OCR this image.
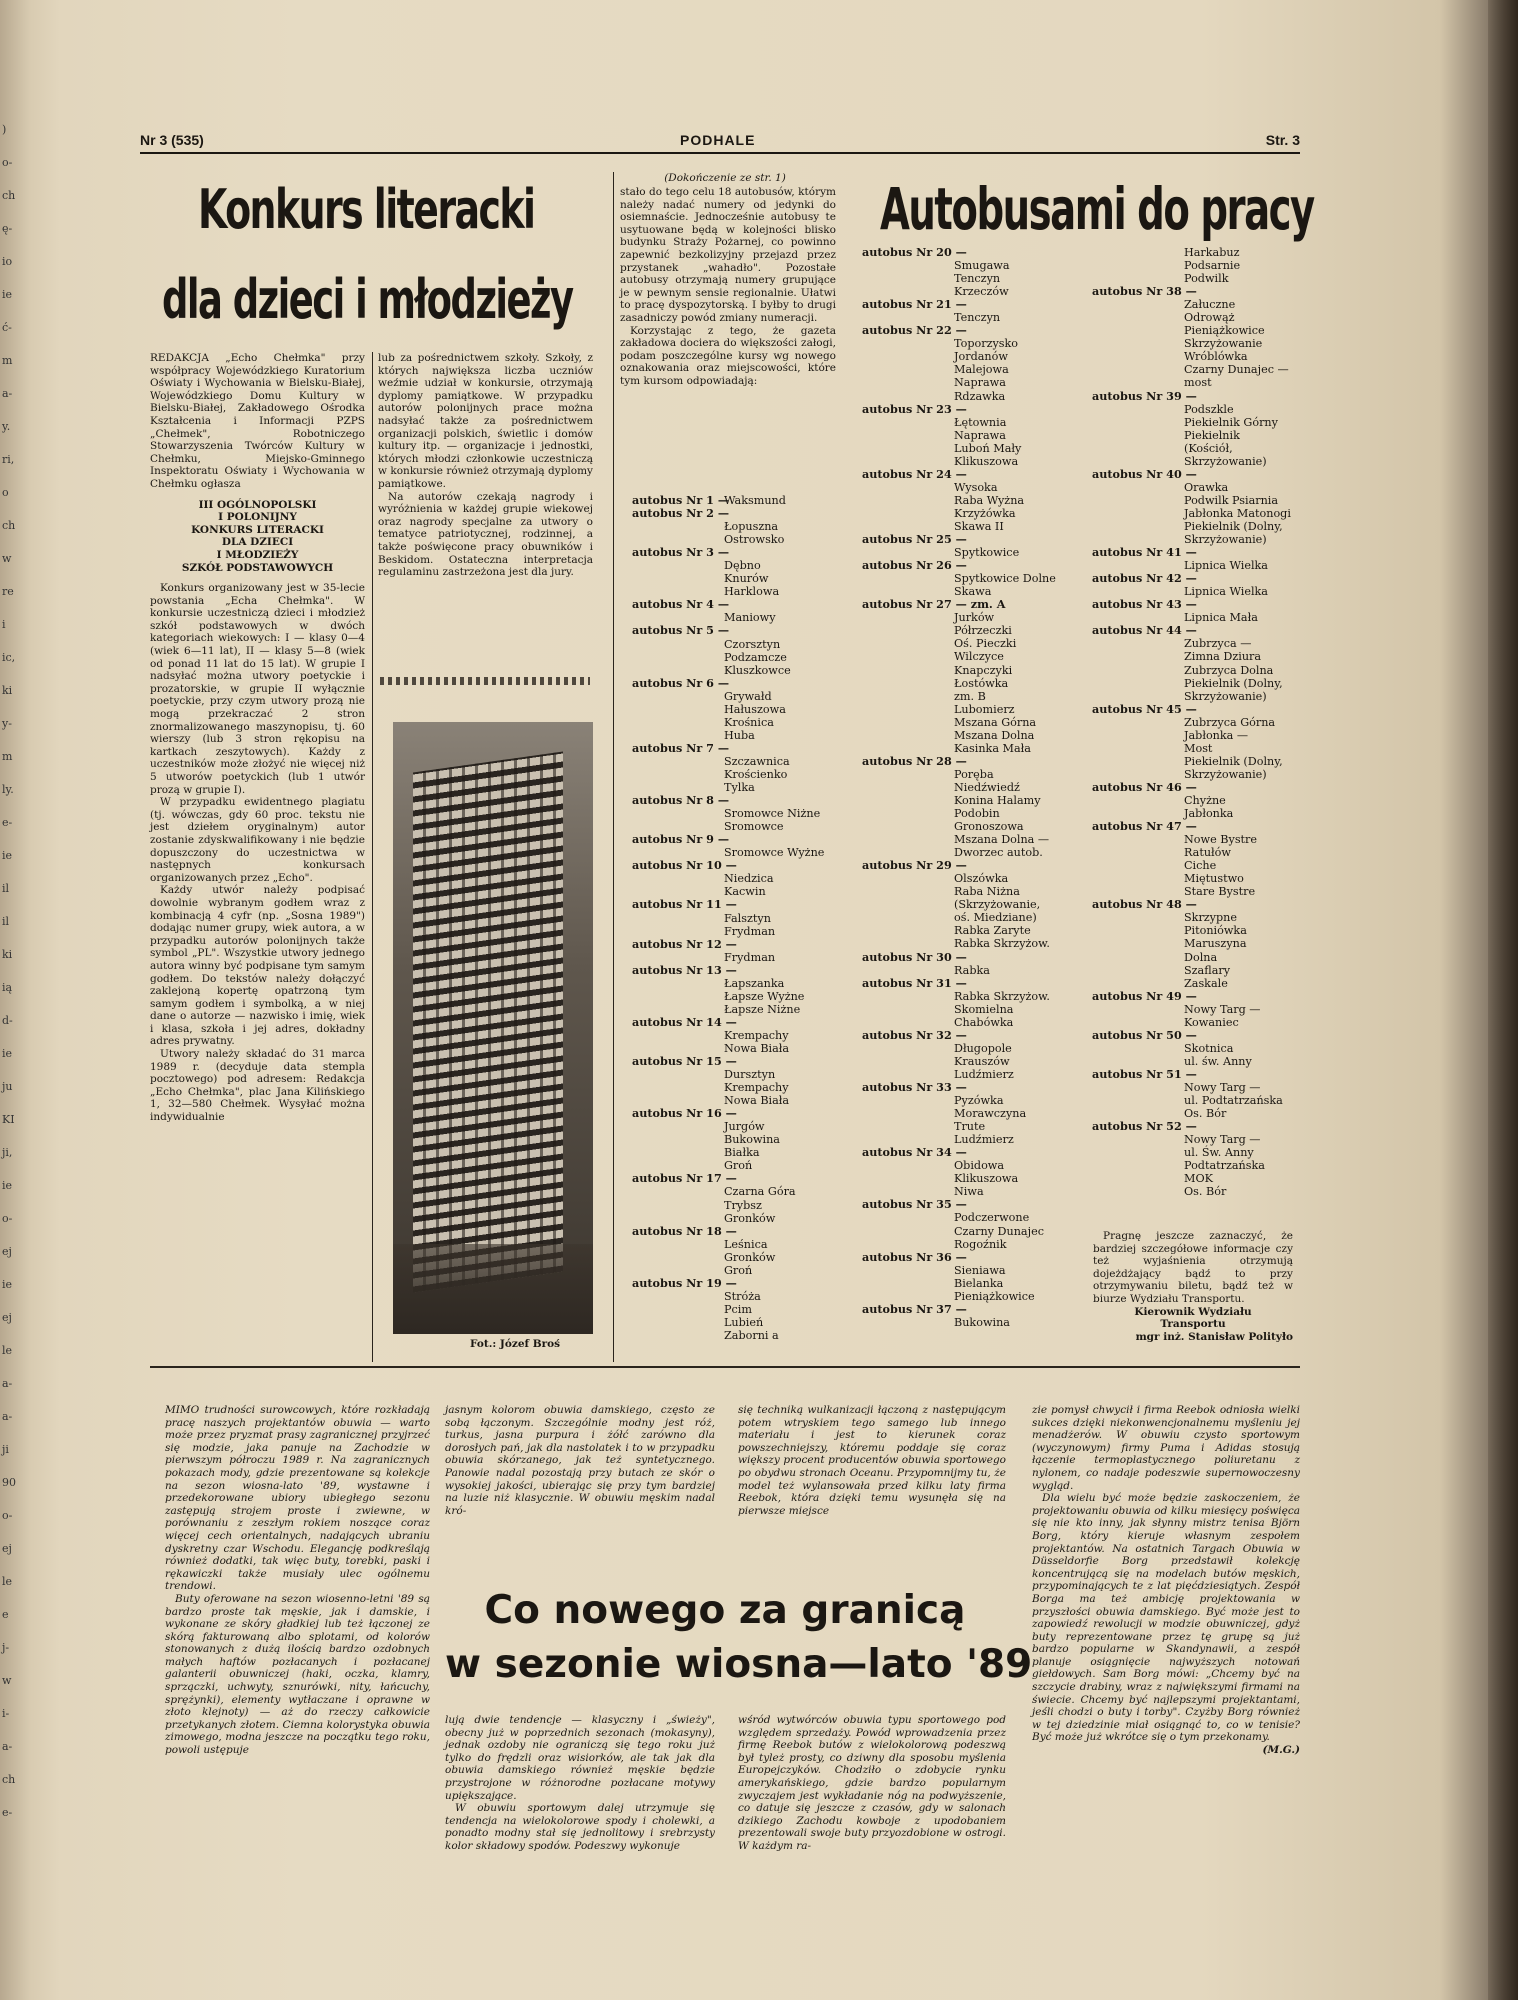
)
o-
ch
ę-
io
ie
ć-
m
a-
y.
ri,
o
ch
w
re
i
ic,
ki
y-
m
ly.
e-
ie
il
il
ki
ią
d-
ie
ju
KI
ji,
ie
o-
ej
ie
ej
le
a-
a-
ji
90
o-
ej
le
e
j-
w
i-
a-
ch
e-
Nr 3 (535)	PODHALE	Str. 3
Konkurs literacki
dla dzieci i młodzieży

REDAKCJA „Echo Chełmka" przy współpracy Wojewódzkiego Kuratorium Oświaty i Wychowania w Bielsku-Białej, Wojewódzkiego Domu Kultury w Bielsku-Białej, Zakładowego Ośrodka Kształcenia i Informacji PZPS „Chełmek", Robotniczego Stowarzyszenia Twórców Kultury w Chełmku, Miejsko-Gminnego Inspektoratu Oświaty i Wychowania w Chełmku ogłasza

III OGÓLNOPOLSKI
I POLONIJNY
KONKURS LITERACKI
DLA DZIECI
I MŁODZIEŻY
SZKÓŁ PODSTAWOWYCH

Konkurs organizowany jest w 35-lecie powstania „Echa Chełmka". W konkursie uczestniczą dzieci i młodzież szkół podstawowych w dwóch kategoriach wiekowych: I — klasy 0—4 (wiek 6—11 lat), II — klasy 5—8 (wiek od ponad 11 lat do 15 lat). W grupie I nadsyłać można utwory poetyckie i prozatorskie, w grupie II wyłącznie poetyckie, przy czym utwory prozą nie mogą przekraczać 2 stron znormalizowanego maszynopisu, tj. 60 wierszy (lub 3 stron rękopisu na kartkach zeszytowych). Każdy z uczestników może złożyć nie więcej niż 5 utworów poetyckich (lub 1 utwór prozą w grupie I).

W przypadku ewidentnego plagiatu (tj. wówczas, gdy 60 proc. tekstu nie jest dziełem oryginalnym) autor zostanie zdyskwalifikowany i nie będzie dopuszczony do uczestnictwa w następnych konkursach organizowanych przez „Echo".

Każdy utwór należy podpisać dowolnie wybranym godłem wraz z kombinacją 4 cyfr (np. „Sosna 1989") dodając numer grupy, wiek autora, a w przypadku autorów polonijnych także symbol „PL". Wszystkie utwory jednego autora winny być podpisane tym samym godłem. Do tekstów należy dołączyć zaklejoną kopertę opatrzoną tym samym godłem i symbolką, a w niej dane o autorze — nazwisko i imię, wiek i klasa, szkoła i jej adres, dokładny adres prywatny.

Utwory należy składać do 31 marca 1989 r. (decyduje data stempla pocztowego) pod adresem: Redakcja „Echo Chełmka", plac Jana Kilińskiego 1, 32—580 Chełmek. Wysyłać można indywidualnie

lub za pośrednictwem szkoły. Szkoły, z których największa liczba uczniów weźmie udział w konkursie, otrzymają dyplomy pamiątkowe. W przypadku autorów polonijnych prace można nadsyłać także za pośrednictwem organizacji polskich, świetlic i domów kultury itp. — organizacje i jednostki, których młodzi członkowie uczestniczą w konkursie również otrzymają dyplomy pamiątkowe.

Na autorów czekają nagrody i wyróżnienia w każdej grupie wiekowej oraz nagrody specjalne za utwory o tematyce patriotycznej, rodzinnej, a także poświęcone pracy obuwników i Beskidom. Ostateczna interpretacja regulaminu zastrzeżona jest dla jury.

Fot.: Józef Broś
(Dokończenie ze str. 1)

stało do tego celu 18 autobusów, którym należy nadać numery od jedynki do osiemnaście. Jednocześnie autobusy te usytuowane będą w kolejności blisko budynku Straży Pożarnej, co powinno zapewnić bezkolizyjny przejazd przez przystanek „wahadło". Pozostałe autobusy otrzymają numery grupujące je w pewnym sensie regionalnie. Ułatwi to pracę dyspozytorską. I byłby to drugi zasadniczy powód zmiany numeracji.

Korzystając z tego, że gazeta zakładowa dociera do większości załogi, podam poszczególne kursy wg nowego oznakowania oraz miejscowości, które tym kursom odpowiadają:

Autobusami do pracy
autobus Nr 1 —
Waksmund
autobus Nr 2 —
Łopuszna
Ostrowsko
autobus Nr 3 —
Dębno
Knurów
Harklowa
autobus Nr 4 —
Maniowy
autobus Nr 5 —
Czorsztyn
Podzamcze
Kluszkowce
autobus Nr 6 —
Grywałd
Hałuszowa
Krośnica
Huba
autobus Nr 7 —
Szczawnica
Krościenko
Tylka
autobus Nr 8 —
Sromowce Niżne
Sromowce
autobus Nr 9 —
Sromowce Wyżne
autobus Nr 10 —
Niedzica
Kacwin
autobus Nr 11 —
Falsztyn
Frydman
autobus Nr 12 —
Frydman
autobus Nr 13 —
Łapszanka
Łapsze Wyżne
Łapsze Niżne
autobus Nr 14 —
Krempachy
Nowa Biała
autobus Nr 15 —
Dursztyn
Krempachy
Nowa Biała
autobus Nr 16 —
Jurgów
Bukowina
Białka
Groń
autobus Nr 17 —
Czarna Góra
Trybsz
Gronków
autobus Nr 18 —
Leśnica
Gronków
Groń
autobus Nr 19 —
Stróża
Pcim
Lubień
Zaborni a
autobus Nr 20 —
Smugawa
Tenczyn
Krzeczów
autobus Nr 21 —
Tenczyn
autobus Nr 22 —
Toporzysko
Jordanów
Malejowa
Naprawa
Rdzawka
autobus Nr 23 —
Łętownia
Naprawa
Luboń Mały
Klikuszowa
autobus Nr 24 —
Wysoka
Raba Wyżna
Krzyżówka
Skawa II
autobus Nr 25 —
Spytkowice
autobus Nr 26 —
Spytkowice Dolne
Skawa
autobus Nr 27 — zm. A
Jurków
Półrzeczki
Oś. Pieczki
Wilczyce
Knapczyki
Łostówka
zm. B
Lubomierz
Mszana Górna
Mszana Dolna
Kasinka Mała
autobus Nr 28 —
Poręba
Niedźwiedź
Konina Halamy
Podobin
Gronoszowa
Mszana Dolna —
Dworzec autob.
autobus Nr 29 —
Olszówka
Raba Niżna
(Skrzyżowanie,
oś. Miedziane)
Rabka Zaryte
Rabka Skrzyżow.
autobus Nr 30 —
Rabka
autobus Nr 31 —
Rabka Skrzyżow.
Skomielna
Chabówka
autobus Nr 32 —
Długopole
Krauszów
Ludźmierz
autobus Nr 33 —
Pyzówka
Morawczyna
Trute
Ludźmierz
autobus Nr 34 —
Obidowa
Klikuszowa
Niwa
autobus Nr 35 —
Podczerwone
Czarny Dunajec
Rogoźnik
autobus Nr 36 —
Sieniawa
Bielanka
Pieniążkowice
autobus Nr 37 —
Bukowina
Harkabuz
Podsarnie
Podwilk
autobus Nr 38 —
Załuczne
Odrowąż
Pieniążkowice
Skrzyżowanie
Wróblówka
Czarny Dunajec —
most
autobus Nr 39 —
Podszkle
Piekielnik Górny
Piekielnik
(Kościół,
Skrzyżowanie)
autobus Nr 40 —
Orawka
Podwilk Psiarnia
Jabłonka Matonogi
Piekielnik (Dolny,
Skrzyżowanie)
autobus Nr 41 —
Lipnica Wielka
autobus Nr 42 —
Lipnica Wielka
autobus Nr 43 —
Lipnica Mała
autobus Nr 44 —
Zubrzyca —
Zimna Dziura
Zubrzyca Dolna
Piekielnik (Dolny,
Skrzyżowanie)
autobus Nr 45 —
Zubrzyca Górna
Jabłonka —
Most
Piekielnik (Dolny,
Skrzyżowanie)
autobus Nr 46 —
Chyżne
Jabłonka
autobus Nr 47 —
Nowe Bystre
Ratułów
Ciche
Miętustwo
Stare Bystre
autobus Nr 48 —
Skrzypne
Pitoniówka
Maruszyna
Dolna
Szaflary
Zaskale
autobus Nr 49 —
Nowy Targ —
Kowaniec
autobus Nr 50 —
Skotnica
ul. św. Anny
autobus Nr 51 —
Nowy Targ —
ul. Podtatrzańska
Os. Bór
autobus Nr 52 —
Nowy Targ —
ul. Św. Anny
Podtatrzańska
MOK
Os. Bór

Pragnę jeszcze zaznaczyć, że bardziej szczegółowe informacje czy też wyjaśnienia otrzymują dojeżdżający bądź to przy otrzymywaniu biletu, bądź też w biurze Wydziału Transportu.

Kierownik Wydziału
Transportu
mgr inż. Stanisław Polityło

MIMO trudności surowcowych, które rozkładają pracę naszych projektantów obuwia — warto może przez pryzmat prasy zagranicznej przyjrzeć się modzie, jaka panuje na Zachodzie w pierwszym półroczu 1989 r. Na zagranicznych pokazach mody, gdzie prezentowane są kolekcje na sezon wiosna-lato '89, wystawne i przedekorowane ubiory ubiegłego sezonu zastępują strojem proste i zwiewne, w porównaniu z zeszłym rokiem noszące coraz więcej cech orientalnych, nadających ubraniu dyskretny czar Wschodu. Elegancję podkreślają również dodatki, tak więc buty, torebki, paski i rękawiczki także musiały ulec ogólnemu trendowi.

Buty oferowane na sezon wiosenno-letni '89 są bardzo proste tak męskie, jak i damskie, i wykonane ze skóry gładkiej lub też łączonej ze skórą fakturowaną albo splotami, od kolorów stonowanych z dużą ilością bardzo ozdobnych małych haftów pozłacanych i pozłacanej galanterii obuwniczej (haki, oczka, klamry, sprzączki, uchwyty, sznurówki, nity, łańcuchy, sprężynki), elementy wytłaczane i oprawne w złoto klejnoty) — aż do rzeczy całkowicie przetykanych złotem. Ciemna kolorystyka obuwia zimowego, modna jeszcze na początku tego roku, powoli ustępuje

jasnym kolorom obuwia damskiego, często ze sobą łączonym. Szczególnie modny jest róż, turkus, jasna purpura i żółć zarówno dla dorosłych pań, jak dla nastolatek i to w przypadku obuwia skórzanego, jak też syntetycznego. Panowie nadal pozostają przy butach ze skór o wysokiej jakości, ubierając się przy tym bardziej na luzie niż klasycznie. W obuwiu męskim nadal kró-

się techniką wulkanizacji łączoną z następującym potem wtryskiem tego samego lub innego materiału i jest to kierunek coraz powszechniejszy, któremu poddaje się coraz większy procent producentów obuwia sportowego po obydwu stronach Oceanu. Przypomnijmy tu, że model też wylansowała przed kilku laty firma Reebok, która dzięki temu wysunęła się na pierwsze miejsce

Co nowego za granicą
w sezonie wiosna—lato '89

lują dwie tendencje — klasyczny i „świeży", obecny już w poprzednich sezonach (mokasyny), jednak ozdoby nie ograniczą się tego roku już tylko do frędzli oraz wisiorków, ale tak jak dla obuwia damskiego również męskie będzie przystrojone w różnorodne pozłacane motywy upiększające.

W obuwiu sportowym dalej utrzymuje się tendencja na wielokolorowe spody i cholewki, a ponadto modny stał się jednolitowy i srebrzysty kolor składowy spodów. Podeszwy wykonuje

wśród wytwórców obuwia typu sportowego pod względem sprzedaży. Powód wprowadzenia przez firmę Reebok butów z wielokolorową podeszwą był tyleż prosty, co dziwny dla sposobu myślenia Europejczyków. Chodziło o zdobycie rynku amerykańskiego, gdzie bardzo popularnym zwyczajem jest wykładanie nóg na podwyższenie, co datuje się jeszcze z czasów, gdy w salonach dzikiego Zachodu kowboje z upodobaniem prezentowali swoje buty przyozdobione w ostrogi. W każdym ra-

zie pomysł chwycił i firma Reebok odniosła wielki sukces dzięki niekonwencjonalnemu myśleniu jej menadżerów. W obuwiu czysto sportowym (wyczynowym) firmy Puma i Adidas stosują łączenie termoplastycznego poliuretanu z nylonem, co nadaje podeszwie supernowoczesny wygląd.

Dla wielu być może będzie zaskoczeniem, że projektowaniu obuwia od kilku miesięcy poświęca się nie kto inny, jak słynny mistrz tenisa Björn Borg, który kieruje własnym zespołem projektantów. Na ostatnich Targach Obuwia w Düsseldorfie Borg przedstawił kolekcję koncentrującą się na modelach butów męskich, przypominających te z lat pięćdziesiątych. Zespół Borga ma też ambicję projektowania w przyszłości obuwia damskiego. Być może jest to zapowiedź rewolucji w modzie obuwniczej, gdyż buty reprezentowane przez tę grupę są już bardzo popularne w Skandynawii, a zespół planuje osiągnięcie najwyższych notowań giełdowych. Sam Borg mówi: „Chcemy być na szczycie drabiny, wraz z największymi firmami na świecie. Chcemy być najlepszymi projektantami, jeśli chodzi o buty i torby". Czyżby Borg również w tej dziedzinie miał osiągnąć to, co w tenisie? Być może już wkrótce się o tym przekonamy.

(M.G.)
